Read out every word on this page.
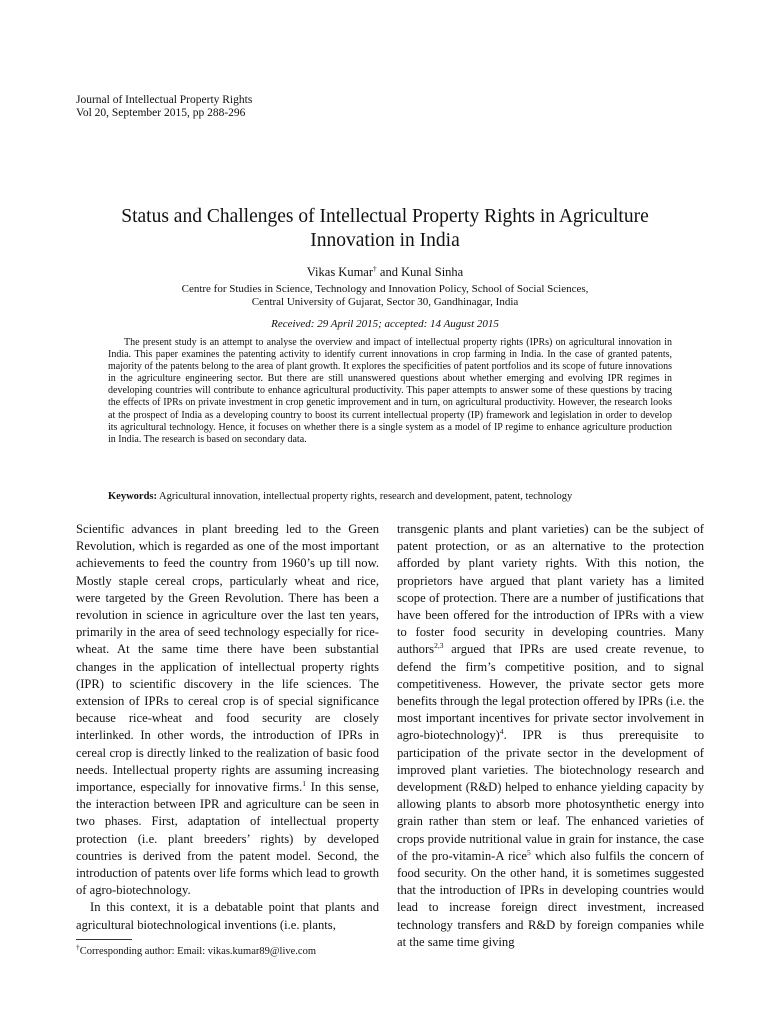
Journal of Intellectual Property Rights
Vol 20, September 2015, pp 288-296
Status and Challenges of Intellectual Property Rights in Agriculture
Innovation in India
Vikas Kumar† and Kunal Sinha
Centre for Studies in Science, Technology and Innovation Policy, School of Social Sciences,
Central University of Gujarat, Sector 30, Gandhinagar, India
Received: 29 April 2015; accepted: 14 August 2015

The present study is an attempt to analyse the overview and impact of intellectual property rights (IPRs) on agricultural innovation in India. This paper examines the patenting activity to identify current innovations in crop farming in India. In the case of granted patents, majority of the patents belong to the area of plant growth. It explores the specificities of patent portfolios and its scope of future innovations in the agriculture engineering sector. But there are still unanswered questions about whether emerging and evolving IPR regimes in developing countries will contribute to enhance agricultural productivity. This paper attempts to answer some of these questions by tracing the effects of IPRs on private investment in crop genetic improvement and in turn, on agricultural productivity. However, the research looks at the prospect of India as a developing country to boost its current intellectual property (IP) framework and legislation in order to develop its agricultural technology. Hence, it focuses on whether there is a single system as a model of IP regime to enhance agriculture production in India. The research is based on secondary data.

Keywords: Agricultural innovation, intellectual property rights, research and development, patent, technology

Scientific advances in plant breeding led to the Green Revolution, which is regarded as one of the most important achievements to feed the country from 1960’s up till now. Mostly staple cereal crops, particularly wheat and rice, were targeted by the Green Revolution. There has been a revolution in science in agriculture over the last ten years, primarily in the area of seed technology especially for rice-wheat. At the same time there have been substantial changes in the application of intellectual property rights (IPR) to scientific discovery in the life sciences. The extension of IPRs to cereal crop is of special significance because rice-wheat and food security are closely interlinked. In other words, the introduction of IPRs in cereal crop is directly linked to the realization of basic food needs. Intellectual property rights are assuming increasing importance, especially for innovative firms.$^1$ In this sense, the interaction between IPR and agriculture can be seen in two phases. First, adaptation of intellectual property protection (i.e. plant breeders’ rights) by developed countries is derived from the patent model. Second, the introduction of patents over life forms which lead to growth of agro-biotechnology.

In this context, it is a debatable point that plants and agricultural biotechnological inventions (i.e. plants,

transgenic plants and plant varieties) can be the subject of patent protection, or as an alternative to the protection afforded by plant variety rights. With this notion, the proprietors have argued that plant variety has a limited scope of protection. There are a number of justifications that have been offered for the introduction of IPRs with a view to foster food security in developing countries. Many authors$^{2,3}$ argued that IPRs are used create revenue, to defend the firm’s competitive position, and to signal competitiveness. However, the private sector gets more benefits through the legal protection offered by IPRs (i.e. the most important incentives for private sector involvement in agro-biotechnology)$^4$. IPR is thus prerequisite to participation of the private sector in the development of improved plant varieties. The biotechnology research and development (R&D) helped to enhance yielding capacity by allowing plants to absorb more photosynthetic energy into grain rather than stem or leaf. The enhanced varieties of crops provide nutritional value in grain for instance, the case of the pro-vitamin-A rice$^5$ which also fulfils the concern of food security. On the other hand, it is sometimes suggested that the introduction of IPRs in developing countries would lead to increase foreign direct investment, increased technology transfers and R&D by foreign companies while at the same time giving

†Corresponding author: Email: vikas.kumar89@live.com
